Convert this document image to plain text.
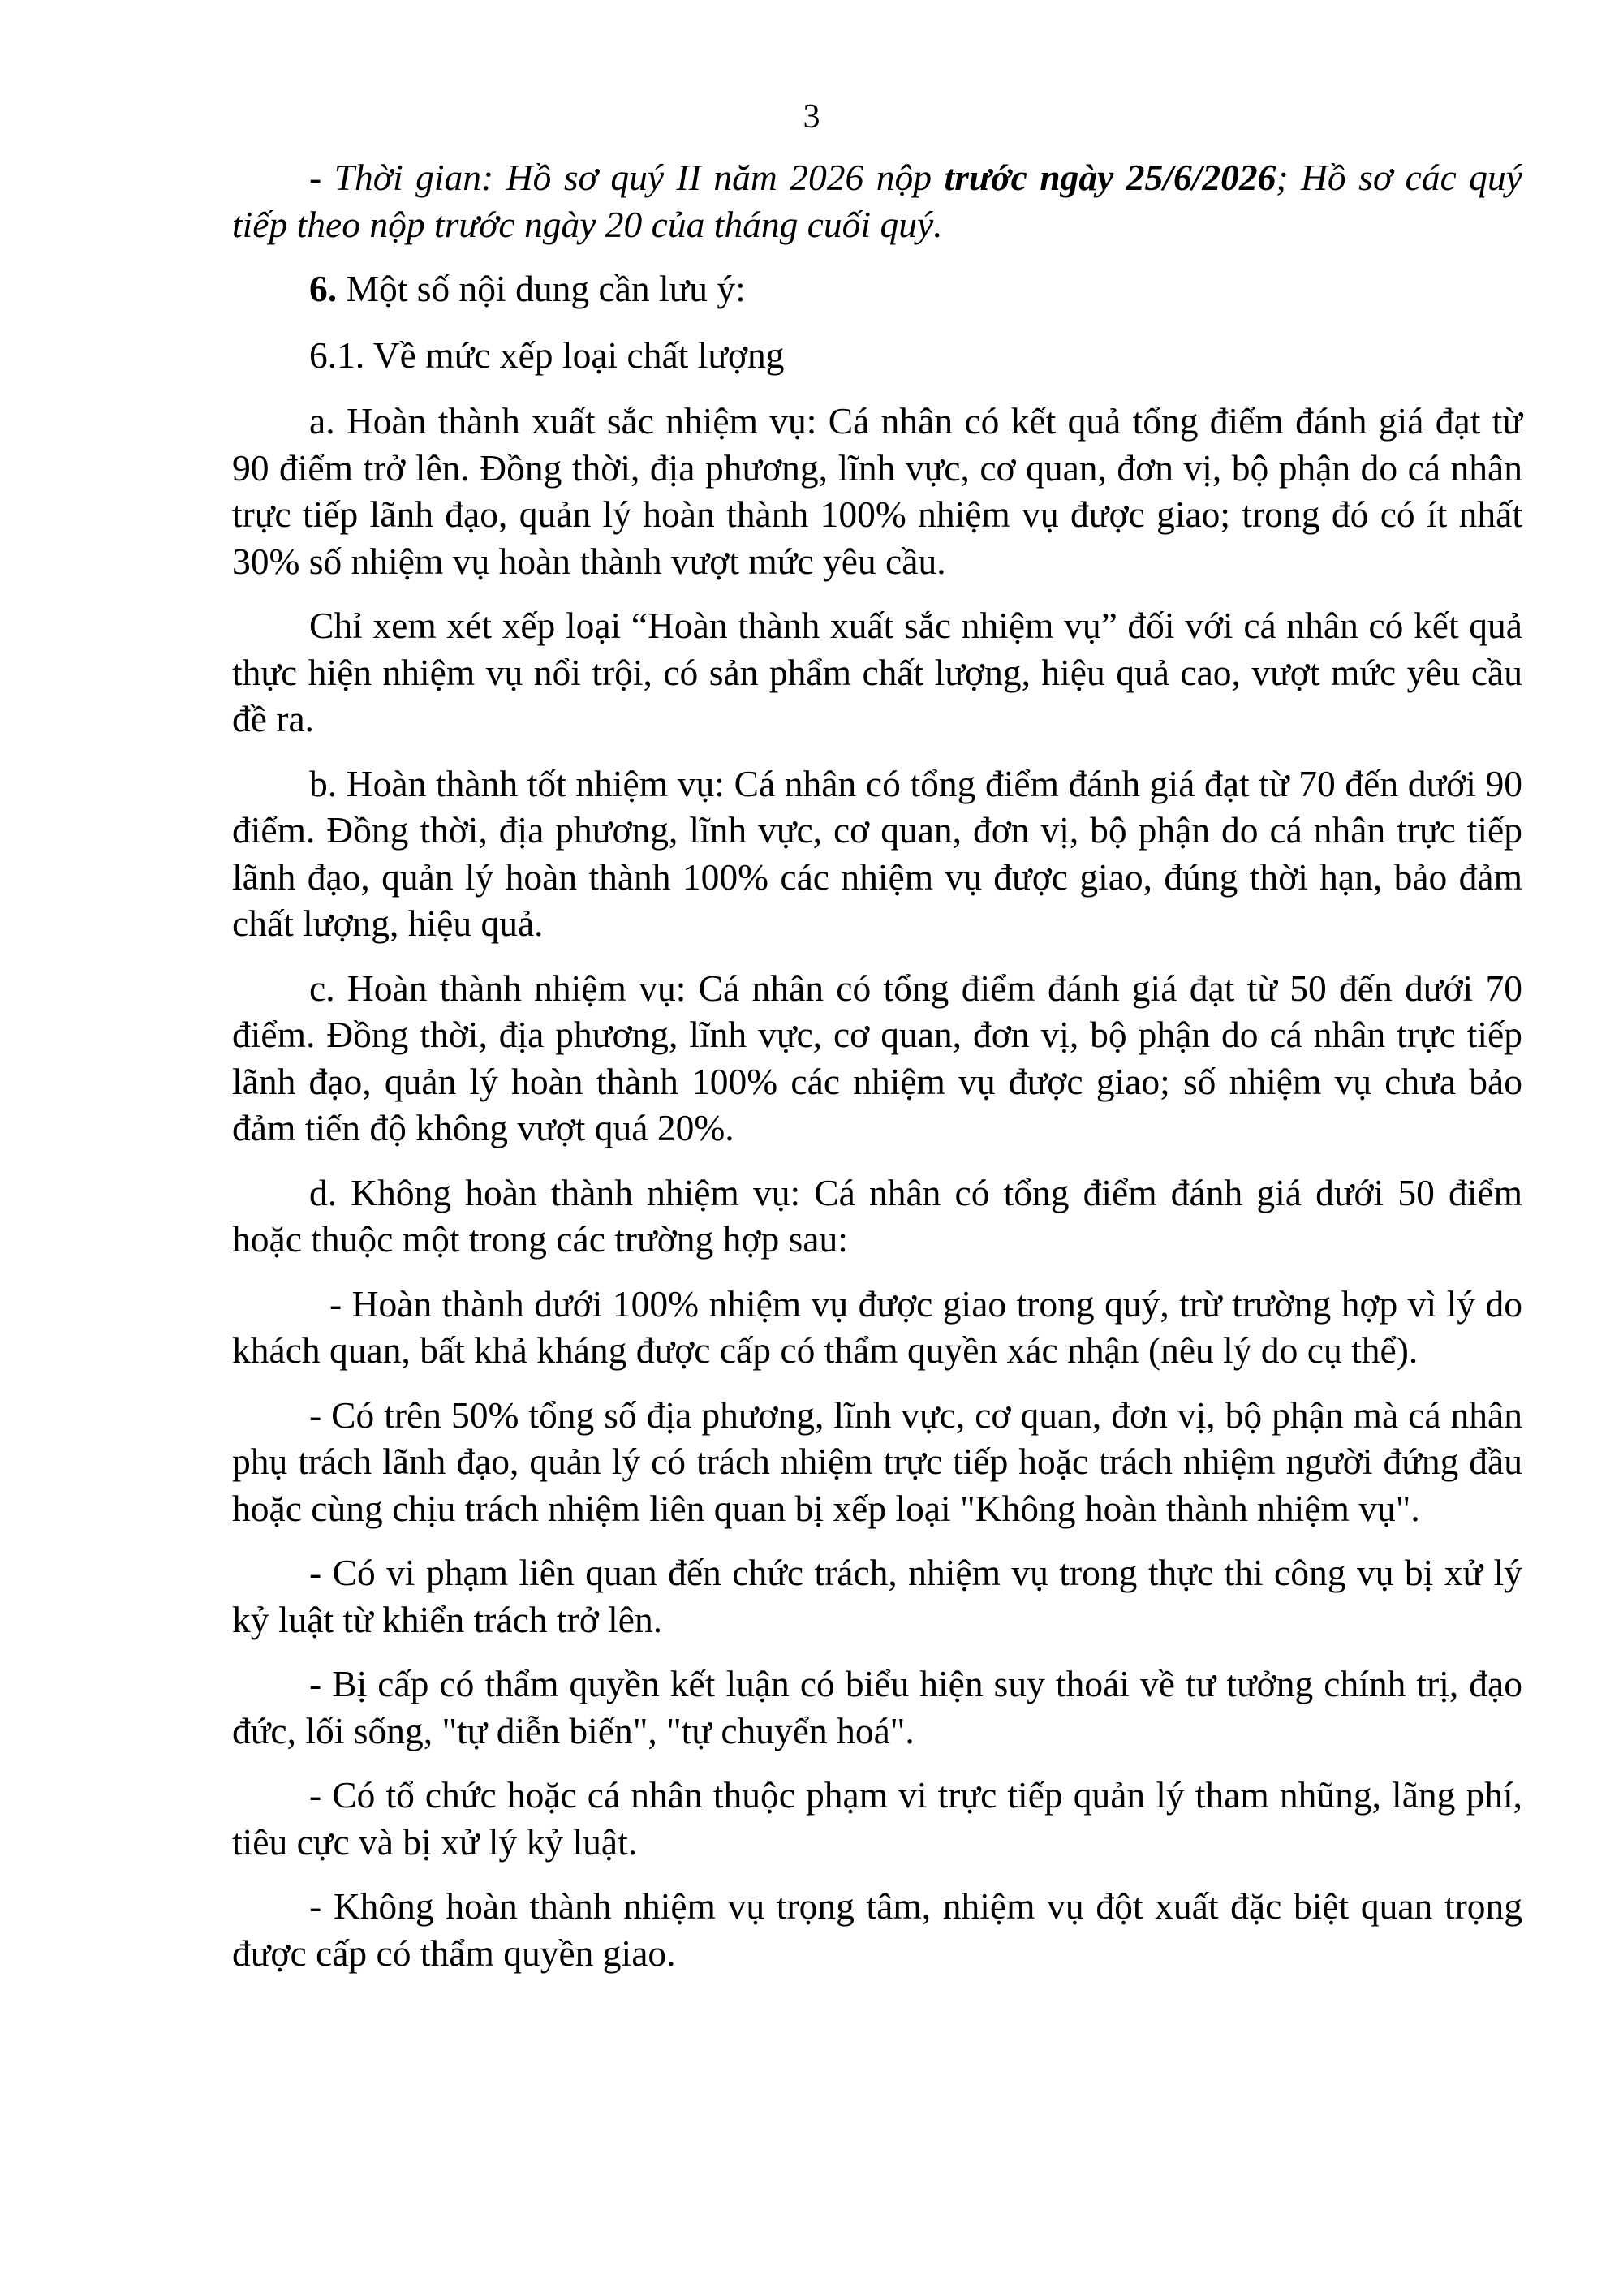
3

- Thời gian: Hồ sơ quý II năm 2026 nộp trước ngày 25/6/2026; Hồ sơ các quý tiếp theo nộp trước ngày 20 của tháng cuối quý.

6. Một số nội dung cần lưu ý:

6.1. Về mức xếp loại chất lượng

a. Hoàn thành xuất sắc nhiệm vụ: Cá nhân có kết quả tổng điểm đánh giá đạt từ 90 điểm trở lên. Đồng thời, địa phương, lĩnh vực, cơ quan, đơn vị, bộ phận do cá nhân trực tiếp lãnh đạo, quản lý hoàn thành 100% nhiệm vụ được giao; trong đó có ít nhất 30% số nhiệm vụ hoàn thành vượt mức yêu cầu.

Chỉ xem xét xếp loại “Hoàn thành xuất sắc nhiệm vụ” đối với cá nhân có kết quả thực hiện nhiệm vụ nổi trội, có sản phẩm chất lượng, hiệu quả cao, vượt mức yêu cầu đề ra.

b. Hoàn thành tốt nhiệm vụ: Cá nhân có tổng điểm đánh giá đạt từ 70 đến dưới 90 điểm. Đồng thời, địa phương, lĩnh vực, cơ quan, đơn vị, bộ phận do cá nhân trực tiếp lãnh đạo, quản lý hoàn thành 100% các nhiệm vụ được giao, đúng thời hạn, bảo đảm chất lượng, hiệu quả.

c. Hoàn thành nhiệm vụ: Cá nhân có tổng điểm đánh giá đạt từ 50 đến dưới 70 điểm. Đồng thời, địa phương, lĩnh vực, cơ quan, đơn vị, bộ phận do cá nhân trực tiếp lãnh đạo, quản lý hoàn thành 100% các nhiệm vụ được giao; số nhiệm vụ chưa bảo đảm tiến độ không vượt quá 20%.

d. Không hoàn thành nhiệm vụ: Cá nhân có tổng điểm đánh giá dưới 50 điểm hoặc thuộc một trong các trường hợp sau:

- Hoàn thành dưới 100% nhiệm vụ được giao trong quý, trừ trường hợp vì lý do khách quan, bất khả kháng được cấp có thẩm quyền xác nhận (nêu lý do cụ thể).

- Có trên 50% tổng số địa phương, lĩnh vực, cơ quan, đơn vị, bộ phận mà cá nhân phụ trách lãnh đạo, quản lý có trách nhiệm trực tiếp hoặc trách nhiệm người đứng đầu hoặc cùng chịu trách nhiệm liên quan bị xếp loại "Không hoàn thành nhiệm vụ".

- Có vi phạm liên quan đến chức trách, nhiệm vụ trong thực thi công vụ bị xử lý kỷ luật từ khiển trách trở lên.

- Bị cấp có thẩm quyền kết luận có biểu hiện suy thoái về tư tưởng chính trị, đạo đức, lối sống, "tự diễn biến", "tự chuyển hoá".

- Có tổ chức hoặc cá nhân thuộc phạm vi trực tiếp quản lý tham nhũng, lãng phí, tiêu cực và bị xử lý kỷ luật.

- Không hoàn thành nhiệm vụ trọng tâm, nhiệm vụ đột xuất đặc biệt quan trọng được cấp có thẩm quyền giao.
